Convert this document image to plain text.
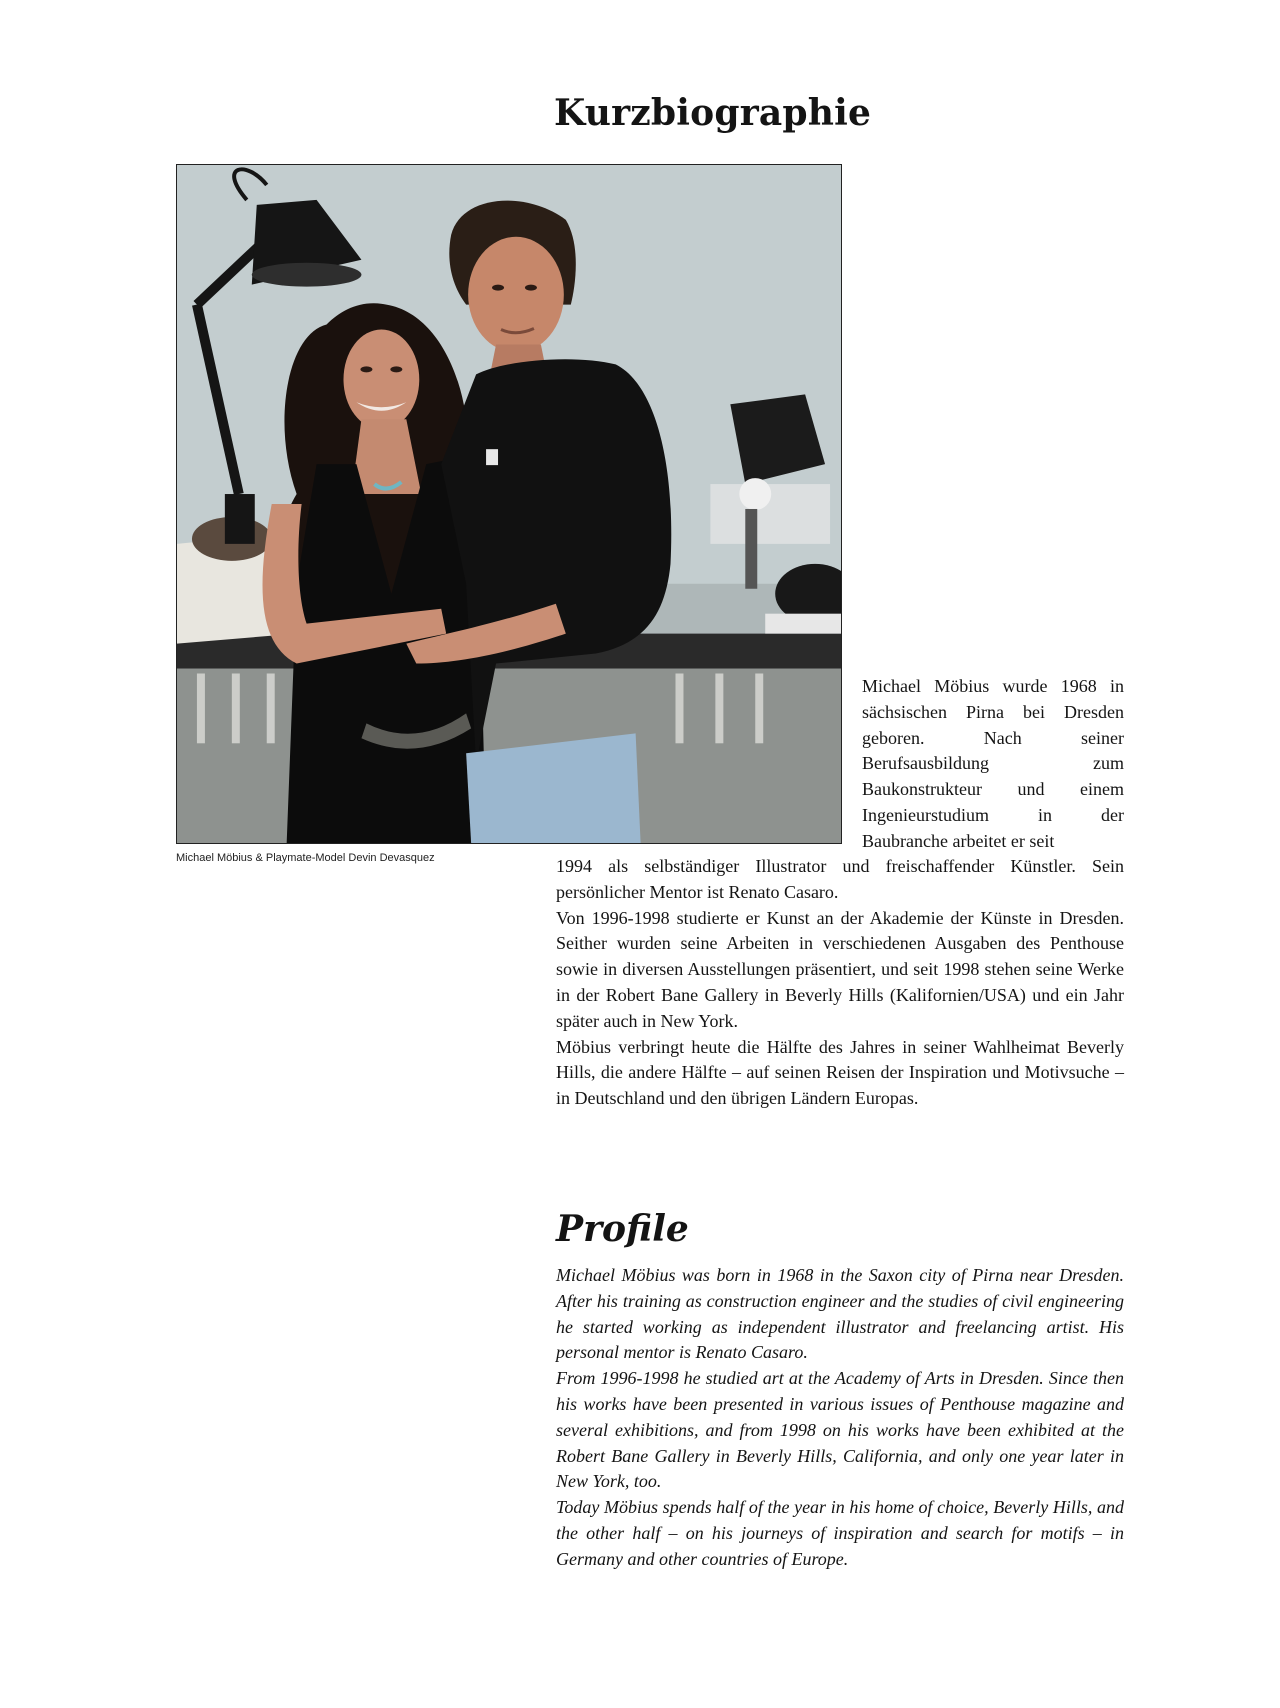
Kurzbiographie

Michael Möbius & Playmate-Model Devin Devasquez

Michael Möbius wurde 1968 in sächsischen Pirna bei Dresden geboren. Nach seiner Berufsausbildung zum Baukonstrukteur und einem Ingenieurstudium in der Baubranche arbeitet er seit

1994 als selbständiger Illustrator und freischaffender Künstler. Sein persönlicher Mentor ist Renato Casaro.

Von 1996-1998 studierte er Kunst an der Akademie der Künste in Dresden. Seither wurden seine Arbeiten in verschiedenen Ausgaben des Penthouse sowie in diversen Ausstellungen präsentiert, und seit 1998 stehen seine Werke in der Robert Bane Gallery in Beverly Hills (Kalifornien/USA) und ein Jahr später auch in New York.

Möbius verbringt heute die Hälfte des Jahres in seiner Wahlheimat Beverly Hills, die andere Hälfte – auf seinen Reisen der Inspiration und Motivsuche – in Deutschland und den übrigen Ländern Europas.

Profile

Michael Möbius was born in 1968 in the Saxon city of Pirna near Dresden. After his training as construction engineer and the studies of civil engineering he started working as independent illustrator and freelancing artist. His personal mentor is Renato Casaro.

From 1996-1998 he studied art at the Academy of Arts in Dresden. Since then his works have been presented in various issues of Penthouse magazine and several exhibitions, and from 1998 on his works have been exhibited at the Robert Bane Gallery in Beverly Hills, California, and only one year later in New York, too.

Today Möbius spends half of the year in his home of choice, Beverly Hills, and the other half – on his journeys of inspiration and search for motifs – in Germany and other countries of Europe.
